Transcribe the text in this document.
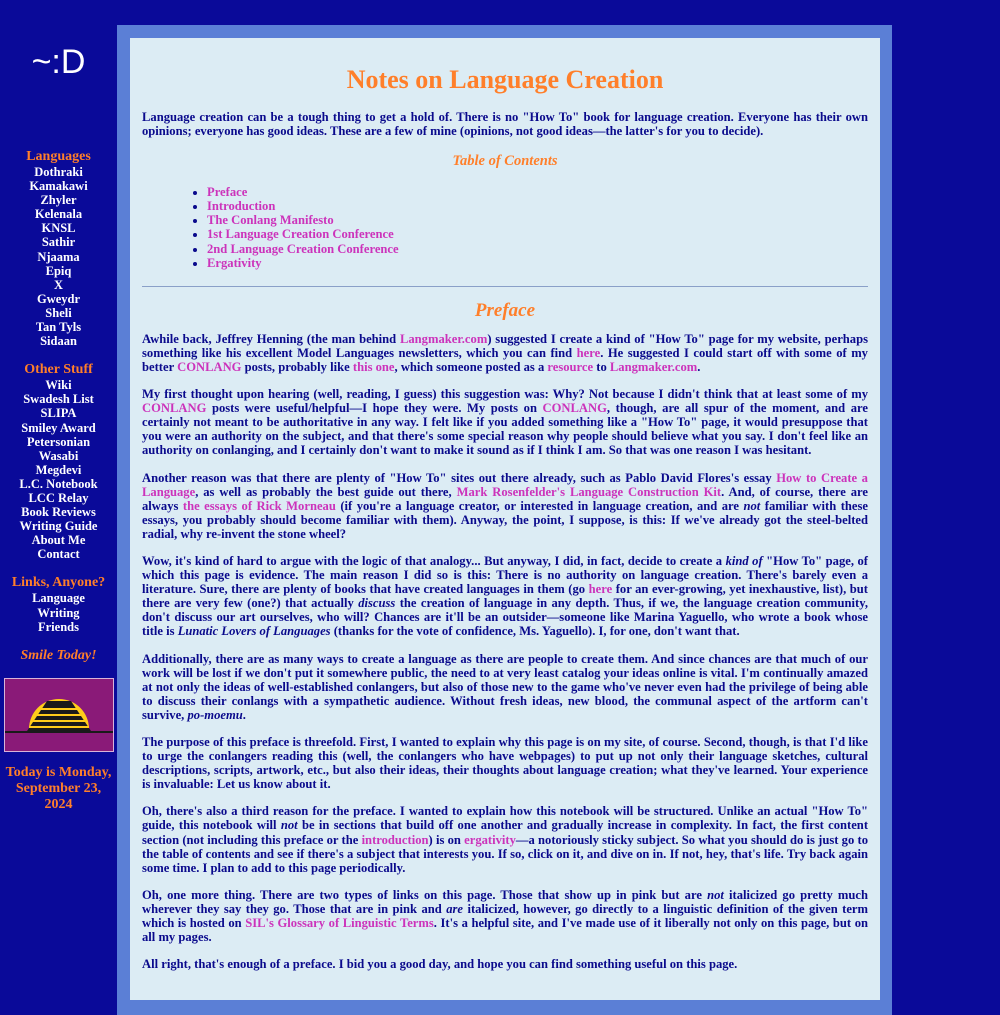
~:D
Languages
Dothraki
Kamakawi
Zhyler
Kelenala
KNSL
Sathir
Njaama
Epiq
X
Gweydr
Sheli
Tan Tyls
Sidaan
Other Stuff
Wiki
Swadesh List
SLIPA
Smiley Award
Petersonian
Wasabi
Megdevi
L.C. Notebook
LCC Relay
Book Reviews
Writing Guide
About Me
Contact
Links, Anyone?
Language
Writing
Friends
Smile Today!
Today is Monday,
September 23,
2024
Notes on Language Creation

Language creation can be a tough thing to get a hold of. There is no "How To" book for language creation. Everyone has their own opinions; everyone has good ideas. These are a few of mine (opinions, not good ideas—the latter's for you to decide).

Table of Contents
• Preface
• Introduction
• The Conlang Manifesto
• 1st Language Creation Conference
• 2nd Language Creation Conference
• Ergativity
Preface

Awhile back, Jeffrey Henning (the man behind Langmaker.com) suggested I create a kind of "How To" page for my website, perhaps something like his excellent Model Languages newsletters, which you can find here. He suggested I could start off with some of my better CONLANG posts, probably like this one, which someone posted as a resource to Langmaker.com.

My first thought upon hearing (well, reading, I guess) this suggestion was: Why? Not because I didn't think that at least some of my CONLANG posts were useful/helpful—I hope they were. My posts on CONLANG, though, are all spur of the moment, and are certainly not meant to be authoritative in any way. I felt like if you added something like a "How To" page, it would presuppose that you were an authority on the subject, and that there's some special reason why people should believe what you say. I don't feel like an authority on conlanging, and I certainly don't want to make it sound as if I think I am. So that was one reason I was hesitant.

Another reason was that there are plenty of "How To" sites out there already, such as Pablo David Flores's essay How to Create a Language, as well as probably the best guide out there, Mark Rosenfelder's Language Construction Kit. And, of course, there are always the essays of Rick Morneau (if you're a language creator, or interested in language creation, and are not familiar with these essays, you probably should become familiar with them). Anyway, the point, I suppose, is this: If we've already got the steel-belted radial, why re-invent the stone wheel?

Wow, it's kind of hard to argue with the logic of that analogy... But anyway, I did, in fact, decide to create a kind of "How To" page, of which this page is evidence. The main reason I did so is this: There is no authority on language creation. There's barely even a literature. Sure, there are plenty of books that have created languages in them (go here for an ever-growing, yet inexhaustive, list), but there are very few (one?) that actually discuss the creation of language in any depth. Thus, if we, the language creation community, don't discuss our art ourselves, who will? Chances are it'll be an outsider—someone like Marina Yaguello, who wrote a book whose title is Lunatic Lovers of Languages (thanks for the vote of confidence, Ms. Yaguello). I, for one, don't want that.

Additionally, there are as many ways to create a language as there are people to create them. And since chances are that much of our work will be lost if we don't put it somewhere public, the need to at very least catalog your ideas online is vital. I'm continually amazed at not only the ideas of well-established conlangers, but also of those new to the game who've never even had the privilege of being able to discuss their conlangs with a sympathetic audience. Without fresh ideas, new blood, the communal aspect of the artform can't survive, po-moemu.

The purpose of this preface is threefold. First, I wanted to explain why this page is on my site, of course. Second, though, is that I'd like to urge the conlangers reading this (well, the conlangers who have webpages) to put up not only their language sketches, cultural descriptions, scripts, artwork, etc., but also their ideas, their thoughts about language creation; what they've learned. Your experience is invaluable: Let us know about it.

Oh, there's also a third reason for the preface. I wanted to explain how this notebook will be structured. Unlike an actual "How To" guide, this notebook will not be in sections that build off one another and gradually increase in complexity. In fact, the first content section (not including this preface or the introduction) is on ergativity—a notoriously sticky subject. So what you should do is just go to the table of contents and see if there's a subject that interests you. If so, click on it, and dive on in. If not, hey, that's life. Try back again some time. I plan to add to this page periodically.

Oh, one more thing. There are two types of links on this page. Those that show up in pink but are not italicized go pretty much wherever they say they go. Those that are in pink and are italicized, however, go directly to a linguistic definition of the given term which is hosted on SIL's Glossary of Linguistic Terms. It's a helpful site, and I've made use of it liberally not only on this page, but on all my pages.

All right, that's enough of a preface. I bid you a good day, and hope you can find something useful on this page.
